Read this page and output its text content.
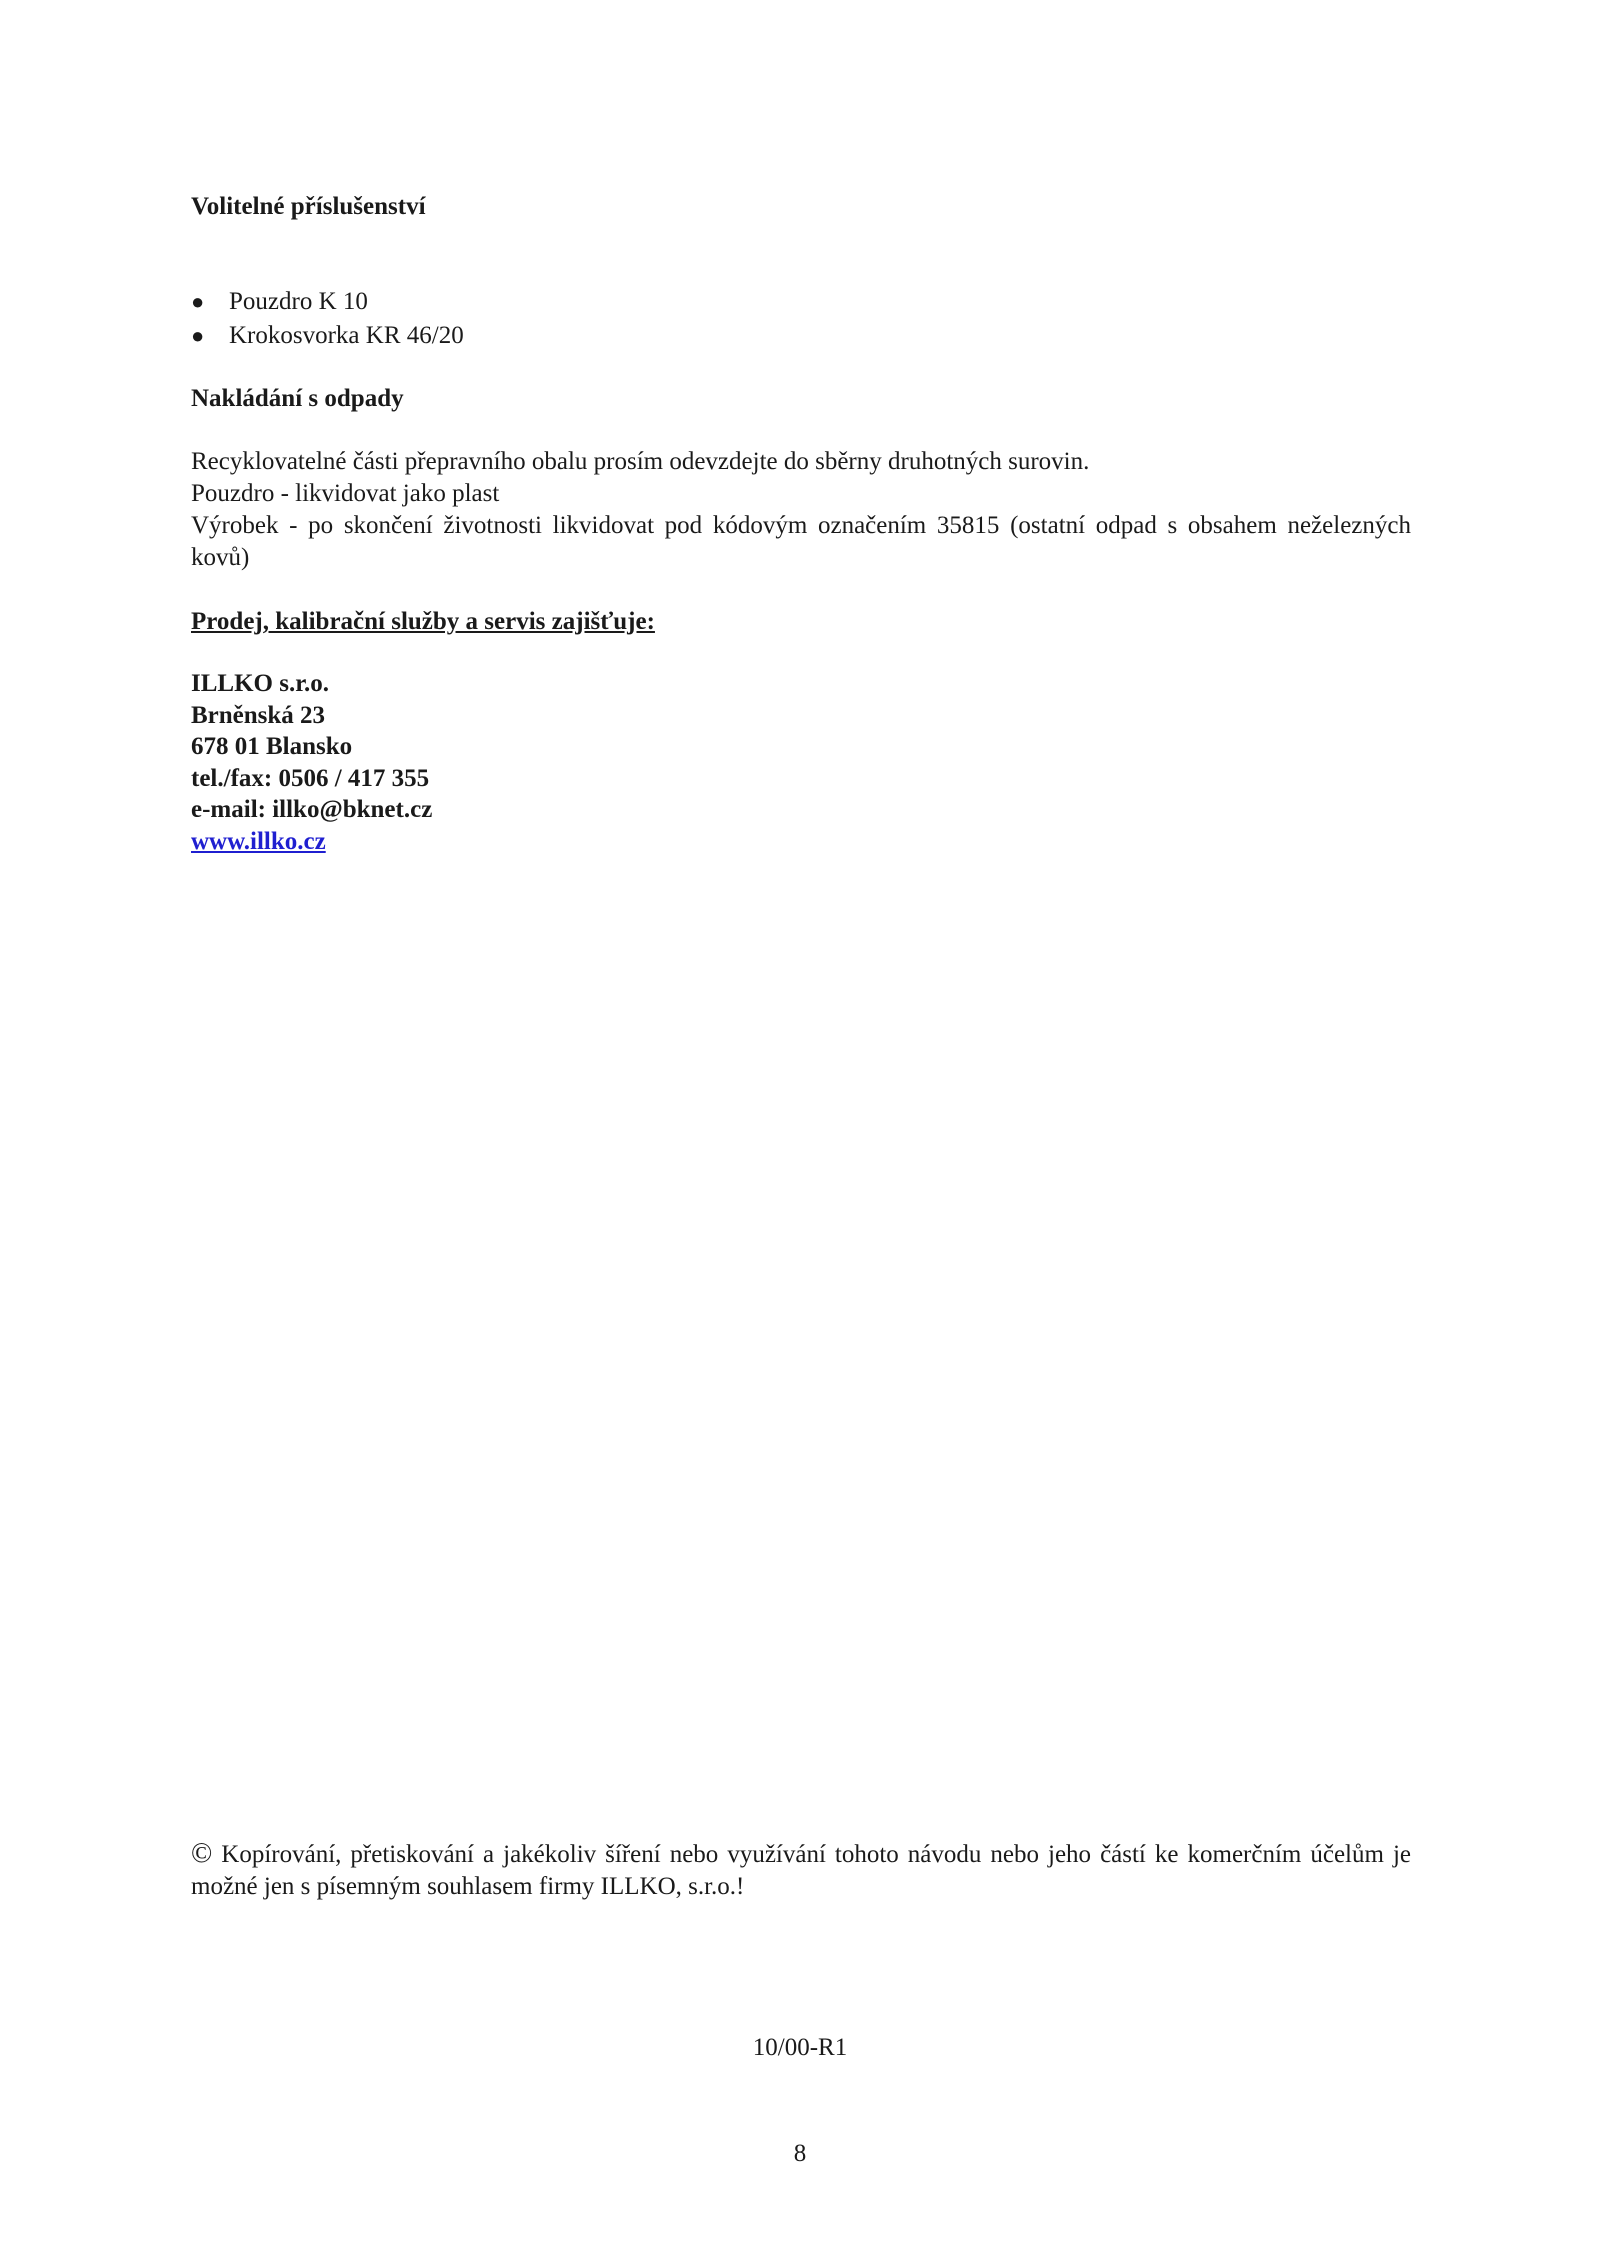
Volitelné příslušenství
● Pouzdro K 10
● Krokosvorka KR 46/20
Nakládání s odpady
Recyklovatelné části přepravního obalu prosím odevzdejte do sběrny druhotných surovin.
Pouzdro - likvidovat jako plast
Výrobek - po skončení životnosti likvidovat pod kódovým označením 35815 (ostatní odpad s obsahem neželezných kovů)
Prodej, kalibrační služby a servis zajišťuje:
ILLKO s.r.o.
Brněnská 23
678 01 Blansko
tel./fax: 0506 / 417 355
e-mail: illko@bknet.cz
www.illko.cz
© Kopírování, přetiskování a jakékoliv šíření nebo využívání tohoto návodu nebo jeho částí ke komerčním účelům je možné jen s písemným souhlasem firmy ILLKO, s.r.o.!
10/00-R1
8
